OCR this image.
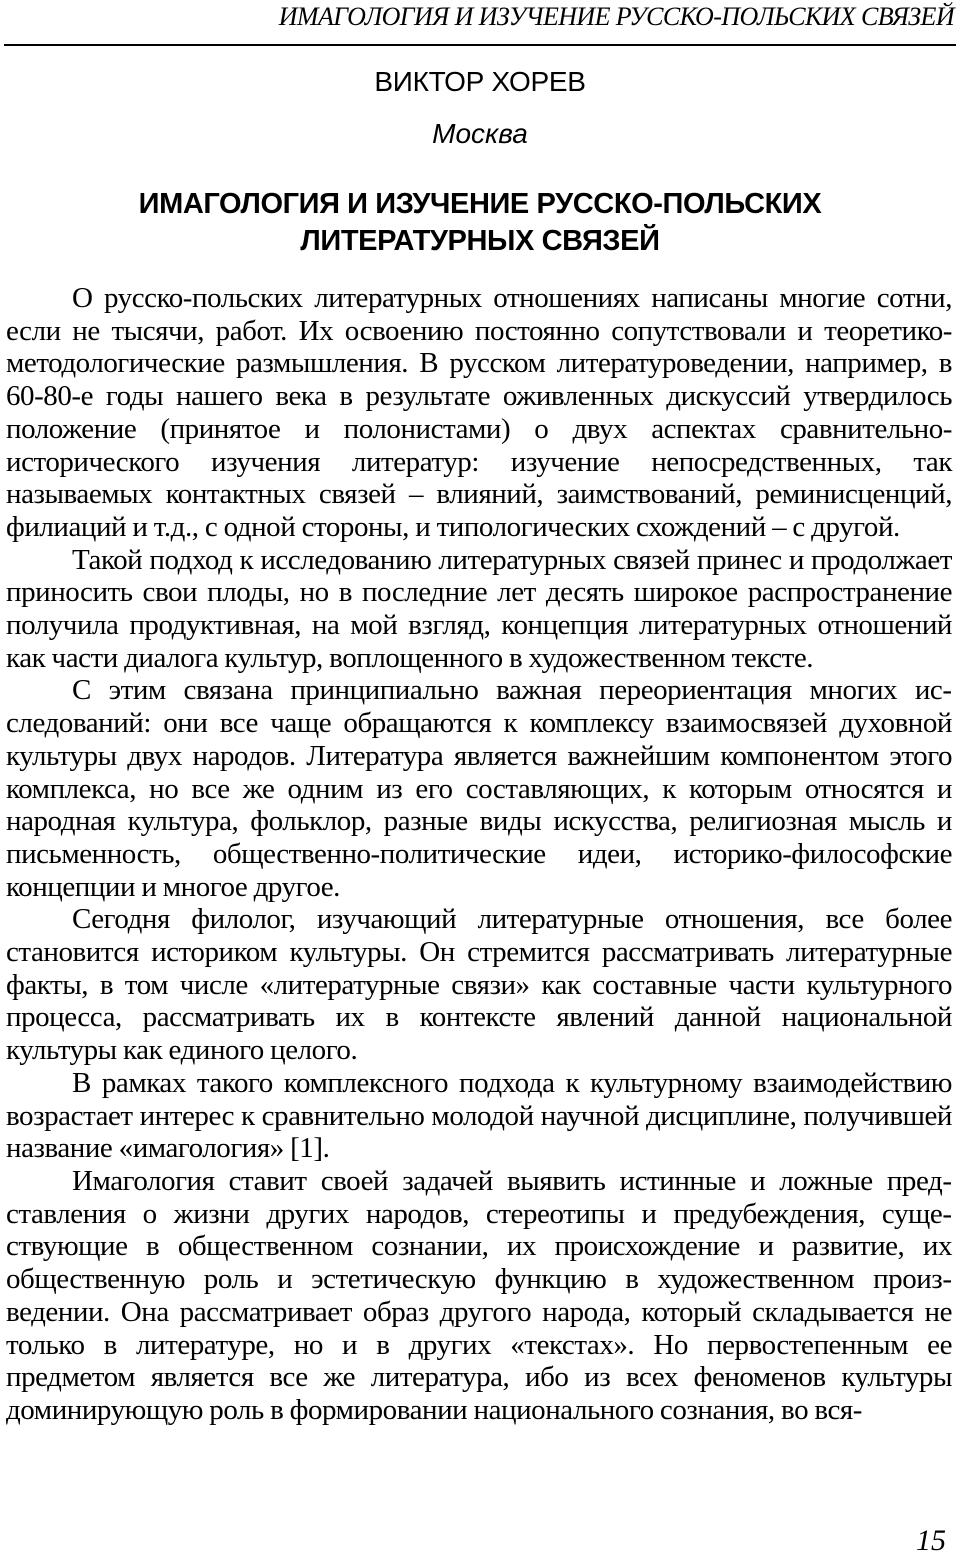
ИМАГОЛОГИЯ И ИЗУЧЕНИЕ РУССКО-ПОЛЬСКИХ СВЯЗЕЙ
ВИКТОР ХОРЕВ
Москва
ИМАГОЛОГИЯ И ИЗУЧЕНИЕ РУССКО-ПОЛЬСКИХ
ЛИТЕРАТУРНЫХ СВЯЗЕЙ

О русско-польских литературных отношениях написаны многие сотни, если не тысячи, работ. Их освоению постоянно сопутствовали и теоретико-методологические размышления. В русском литературоведении, например, в 60-80-е годы нашего века в результате оживленных дискуссий утвердилось положение (принятое и полонистами) о двух аспектах сравнительно-исторического изучения литератур: изучение непосредственных, так называемых контактных связей – влияний, заимствований, реминисценций, филиаций и т.д., с одной стороны, и типологических схождений – с другой.

Такой подход к исследованию литературных связей принес и продолжает приносить свои плоды, но в последние лет десять широкое распространение получила продуктивная, на мой взгляд, концепция литературных отношений как части диалога культур, воплощенного в художественном тексте.

С этим связана принципиально важная переориентация многих исследований: они все чаще обращаются к комплексу взаимосвязей духовной культуры двух народов. Литература является важнейшим компонентом этого комплекса, но все же одним из его составляющих, к которым относятся и народная культура, фольклор, разные виды искусства, религиозная мысль и письменность, общественно-политические идеи, историко-философские концепции и многое другое.

Сегодня филолог, изучающий литературные отношения, все более становится историком культуры. Он стремится рассматривать литературные факты, в том числе «литературные связи» как составные части культурного процесса, рассматривать их в контексте явлений данной национальной культуры как единого целого.

В рамках такого комплексного подхода к культурному взаимодействию возрастает интерес к сравнительно молодой научной дисциплине, получившей название «имагология» [1].

Имагология ставит своей задачей выявить истинные и ложные представления о жизни других народов, стереотипы и предубеждения, существующие в общественном сознании, их происхождение и развитие, их общественную роль и эстетическую функцию в художественном произведении. Она рассматривает образ другого народа, который складывается не только в литературе, но и в других «текстах». Но первостепенным ее предметом является все же литература, ибо из всех феноменов культуры доминирующую роль в формировании национального сознания, во вся-

15
